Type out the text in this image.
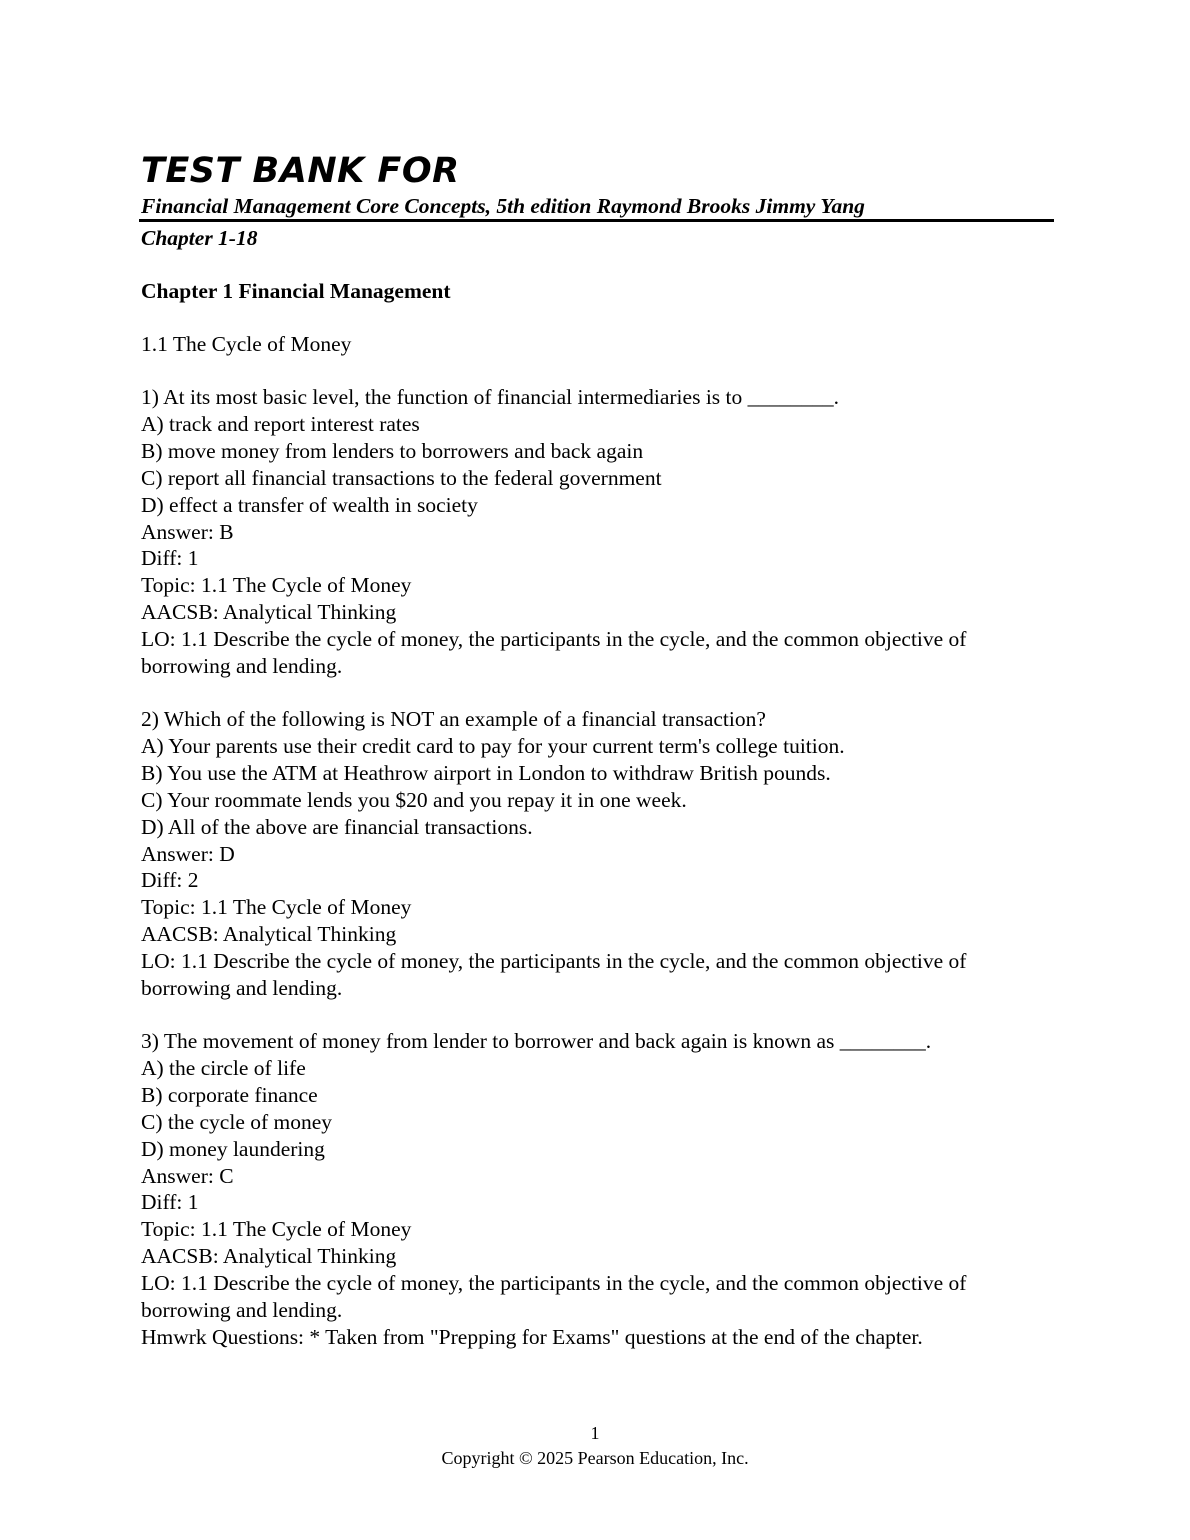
TEST BANK FOR
Financial Management Core Concepts, 5th edition Raymond Brooks Jimmy Yang
Chapter 1-18
Chapter 1 Financial Management
1.1 The Cycle of Money
1) At its most basic level, the function of financial intermediaries is to ________.
A) track and report interest rates
B) move money from lenders to borrowers and back again
C) report all financial transactions to the federal government
D) effect a transfer of wealth in society
Answer: B
Diff: 1
Topic: 1.1 The Cycle of Money
AACSB: Analytical Thinking
LO: 1.1 Describe the cycle of money, the participants in the cycle, and the common objective of borrowing and lending.
2) Which of the following is NOT an example of a financial transaction?
A) Your parents use their credit card to pay for your current term's college tuition.
B) You use the ATM at Heathrow airport in London to withdraw British pounds.
C) Your roommate lends you $20 and you repay it in one week.
D) All of the above are financial transactions.
Answer: D
Diff: 2
Topic: 1.1 The Cycle of Money
AACSB: Analytical Thinking
LO: 1.1 Describe the cycle of money, the participants in the cycle, and the common objective of borrowing and lending.
3) The movement of money from lender to borrower and back again is known as ________.
A) the circle of life
B) corporate finance
C) the cycle of money
D) money laundering
Answer: C
Diff: 1
Topic: 1.1 The Cycle of Money
AACSB: Analytical Thinking
LO: 1.1 Describe the cycle of money, the participants in the cycle, and the common objective of borrowing and lending.
Hmwrk Questions: * Taken from "Prepping for Exams" questions at the end of the chapter.
1
Copyright © 2025 Pearson Education, Inc.
